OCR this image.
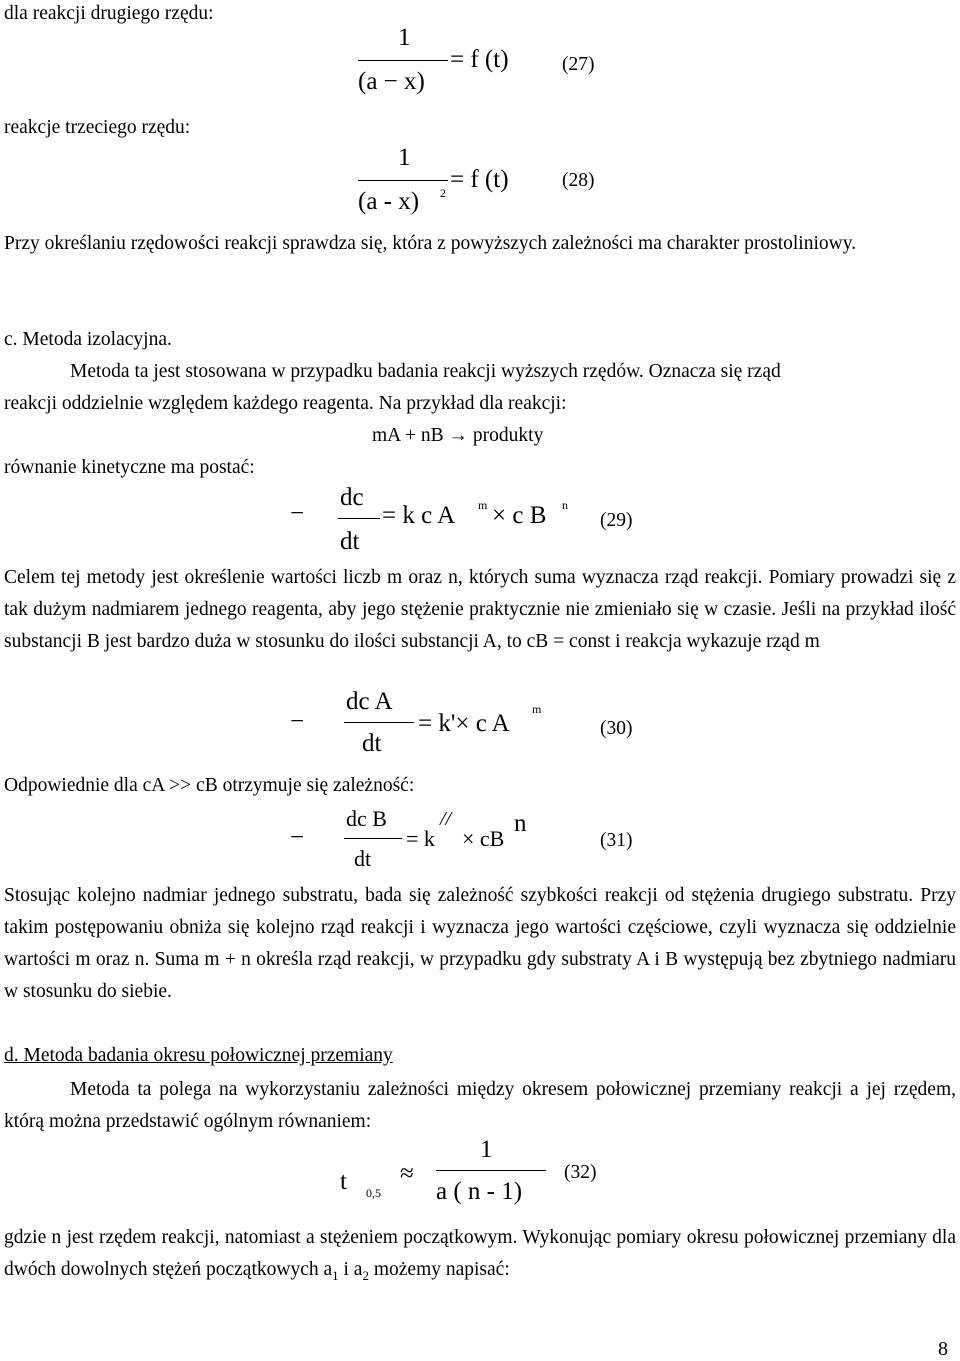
dla reakcji drugiego rzędu:
1
(a − x)
= f (t)	(27)
reakcje trzeciego rzędu:
1
(a - x) 2 = f (t)	(28)
Przy określaniu rzędowości reakcji sprawdza się, która z powyższych zależności ma charakter prostoliniowy.
c. Metoda izolacyjna.
Metoda ta jest stosowana w przypadku badania reakcji wyższych rzędów. Oznacza się rząd
reakcji oddzielnie względem każdego reagenta. Na przykład dla reakcji:
mA + nB → produkty
równanie kinetyczne ma postać:
−
dc
dt
= k c A m × c B n
(29)
Celem tej metody jest określenie wartości liczb m oraz n, których suma wyznacza rząd reakcji. Pomiary prowadzi się z tak dużym nadmiarem jednego reagenta, aby jego stężenie praktycznie nie zmieniało się w czasie. Jeśli na przykład ilość substancji B jest bardzo duża w stosunku do ilości substancji A, to cB = const i reakcja wykazuje rząd m
−
dc A
dt
= k'× c A
m
(30)
Odpowiednie dla cA >> cB otrzymuje się zależność:
−
dc B
dt
= k
//
× cB
n
(31)
Stosując kolejno nadmiar jednego substratu, bada się zależność szybkości reakcji od stężenia drugiego substratu. Przy takim postępowaniu obniża się kolejno rząd reakcji i wyznacza jego wartości częściowe, czyli wyznacza się oddzielnie wartości m oraz n. Suma m + n określa rząd reakcji, w przypadku gdy substraty A i B występują bez zbytniego nadmiaru w stosunku do siebie.
d. Metoda badania okresu połowicznej przemiany
Metoda ta polega na wykorzystaniu zależności między okresem połowicznej przemiany reakcji a jej rzędem, którą można przedstawić ogólnym równaniem:
t 0,5
≈
1
a ( n - 1)
(32)
gdzie n jest rzędem reakcji, natomiast a stężeniem początkowym. Wykonując pomiary okresu połowicznej przemiany dla dwóch dowolnych stężeń początkowych $a_1$ i $a_2$ możemy napisać:
8
